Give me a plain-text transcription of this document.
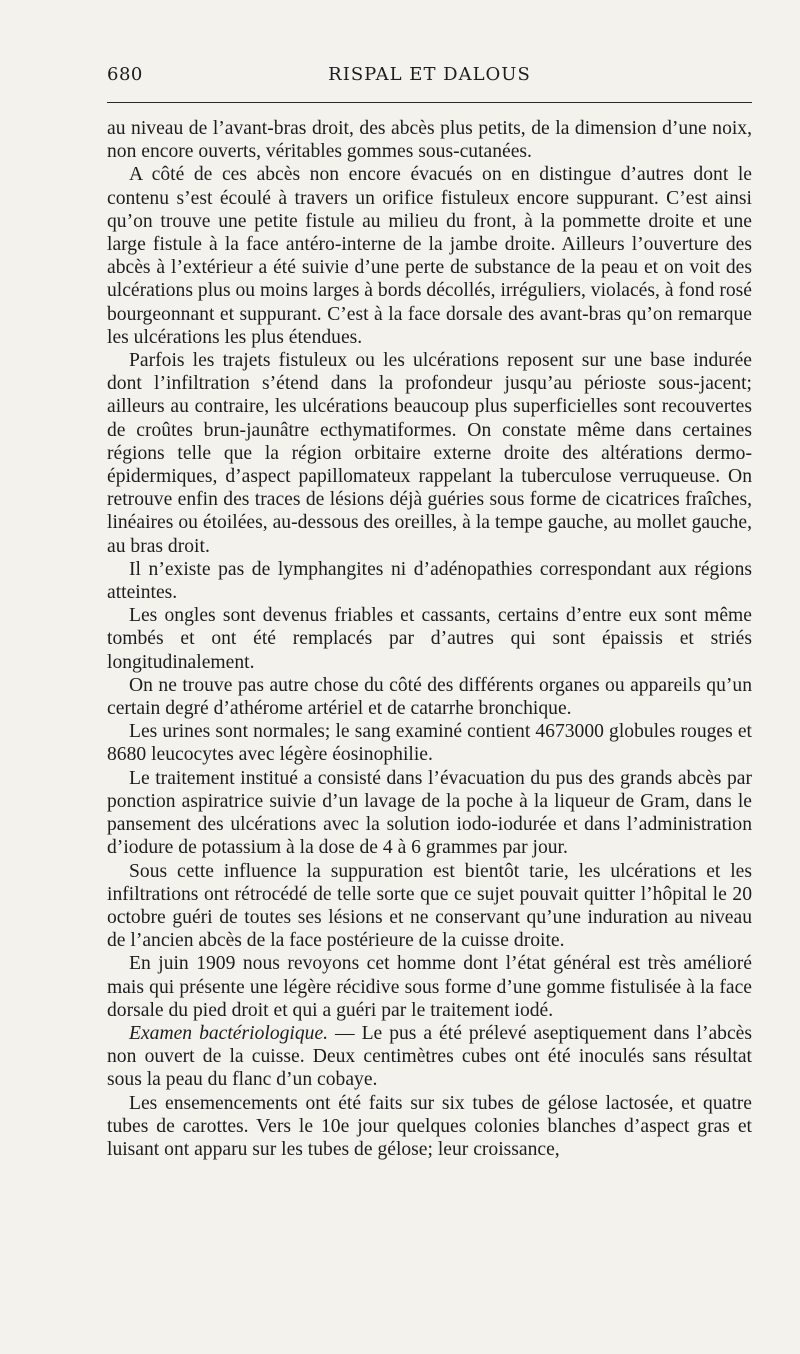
680	RISPAL ET DALOUS

au niveau de l’avant-bras droit, des abcès plus petits, de la dimension d’une noix, non encore ouverts, véritables gommes sous-cutanées.

A côté de ces abcès non encore évacués on en distingue d’autres dont le contenu s’est écoulé à travers un orifice fistuleux encore suppurant. C’est ainsi qu’on trouve une petite fistule au milieu du front, à la pommette droite et une large fistule à la face antéro-interne de la jambe droite. Ailleurs l’ouverture des abcès à l’extérieur a été suivie d’une perte de substance de la peau et on voit des ulcérations plus ou moins larges à bords décollés, irréguliers, violacés, à fond rosé bourgeonnant et suppurant. C’est à la face dorsale des avant-bras qu’on remarque les ulcérations les plus étendues.

Parfois les trajets fistuleux ou les ulcérations reposent sur une base indurée dont l’infiltration s’étend dans la profondeur jusqu’au périoste sous-jacent; ailleurs au contraire, les ulcérations beaucoup plus superficielles sont recouvertes de croûtes brun-jaunâtre ecthymatiformes. On constate même dans certaines régions telle que la région orbitaire externe droite des altérations dermo-épidermiques, d’aspect papillomateux rappelant la tuberculose verruqueuse. On retrouve enfin des traces de lésions déjà guéries sous forme de cicatrices fraîches, linéaires ou étoilées, au-dessous des oreilles, à la tempe gauche, au mollet gauche, au bras droit.

Il n’existe pas de lymphangites ni d’adénopathies correspondant aux régions atteintes.

Les ongles sont devenus friables et cassants, certains d’entre eux sont même tombés et ont été remplacés par d’autres qui sont épaissis et striés longitudinalement.

On ne trouve pas autre chose du côté des différents organes ou appareils qu’un certain degré d’athérome artériel et de catarrhe bronchique.

Les urines sont normales; le sang examiné contient 4673000 globules rouges et 8680 leucocytes avec légère éosinophilie.

Le traitement institué a consisté dans l’évacuation du pus des grands abcès par ponction aspiratrice suivie d’un lavage de la poche à la liqueur de Gram, dans le pansement des ulcérations avec la solution iodo-iodurée et dans l’administration d’iodure de potassium à la dose de 4 à 6 grammes par jour.

Sous cette influence la suppuration est bientôt tarie, les ulcérations et les infiltrations ont rétrocédé de telle sorte que ce sujet pouvait quitter l’hôpital le 20 octobre guéri de toutes ses lésions et ne conservant qu’une induration au niveau de l’ancien abcès de la face postérieure de la cuisse droite.

En juin 1909 nous revoyons cet homme dont l’état général est très amélioré mais qui présente une légère récidive sous forme d’une gomme fistulisée à la face dorsale du pied droit et qui a guéri par le traitement iodé.

Examen bactériologique. — Le pus a été prélevé aseptiquement dans l’abcès non ouvert de la cuisse. Deux centimètres cubes ont été inoculés sans résultat sous la peau du flanc d’un cobaye.

Les ensemencements ont été faits sur six tubes de gélose lactosée, et quatre tubes de carottes. Vers le 10e jour quelques colonies blanches d’aspect gras et luisant ont apparu sur les tubes de gélose; leur croissance,
